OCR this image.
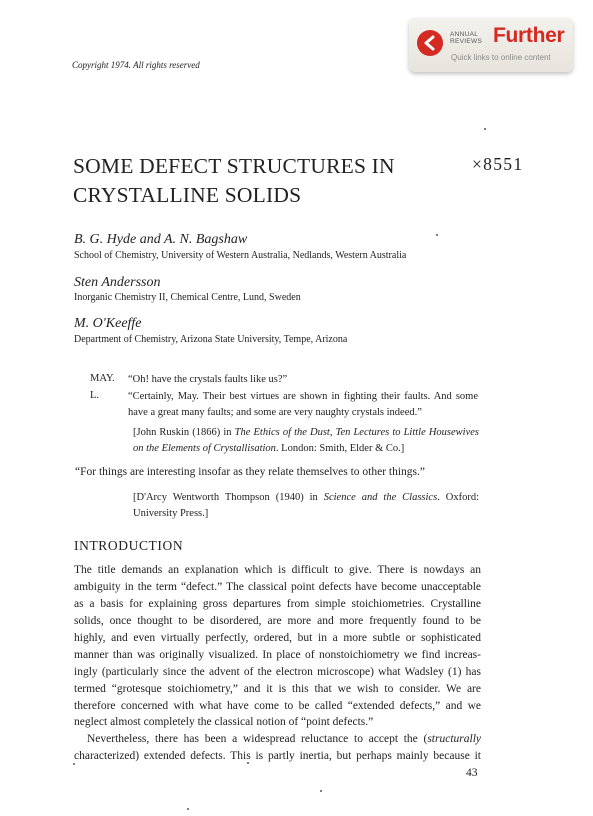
ANNUAL
REVIEWS Further
Quick links to online content
Copyright 1974. All rights reserved
SOME DEFECT STRUCTURES IN
CRYSTALLINE SOLIDS
×8551
B. G. Hyde and A. N. Bagshaw
School of Chemistry, University of Western Australia, Nedlands, Western Australia
Sten Andersson
Inorganic Chemistry II, Chemical Centre, Lund, Sweden
M. O'Keeffe
Department of Chemistry, Arizona State University, Tempe, Arizona
MAY. “Oh! have the crystals faults like us?”
L.	“Certainly, May. Their best virtues are shown in fighting their faults. And some have a great many faults; and some are very naughty crystals indeed.”
[John Ruskin (1866) in The Ethics of the Dust, Ten Lectures to Little Housewives on the Elements of Crystallisation. London: Smith, Elder & Co.]
“For things are interesting insofar as they relate themselves to other things.”
[D'Arcy Wentworth Thompson (1940) in Science and the Classics. Oxford: University Press.]
INTRODUCTION
The title demands an explanation which is difficult to give. There is nowdays an
ambiguity in the term “defect.” The classical point defects have become unacceptable
as a basis for explaining gross departures from simple stoichiometries. Crystalline
solids, once thought to be disordered, are more and more frequently found to be
highly, and even virtually perfectly, ordered, but in a more subtle or sophisticated
manner than was originally visualized. In place of nonstoichiometry we find increas-
ingly (particularly since the advent of the electron microscope) what Wadsley (1) has
termed “grotesque stoichiometry,” and it is this that we wish to consider. We are
therefore concerned with what have come to be called “extended defects,” and we
neglect almost completely the classical notion of “point defects.”
Nevertheless, there has been a widespread reluctance to accept the (structurally
characterized) extended defects. This is partly inertia, but perhaps mainly because it
43
